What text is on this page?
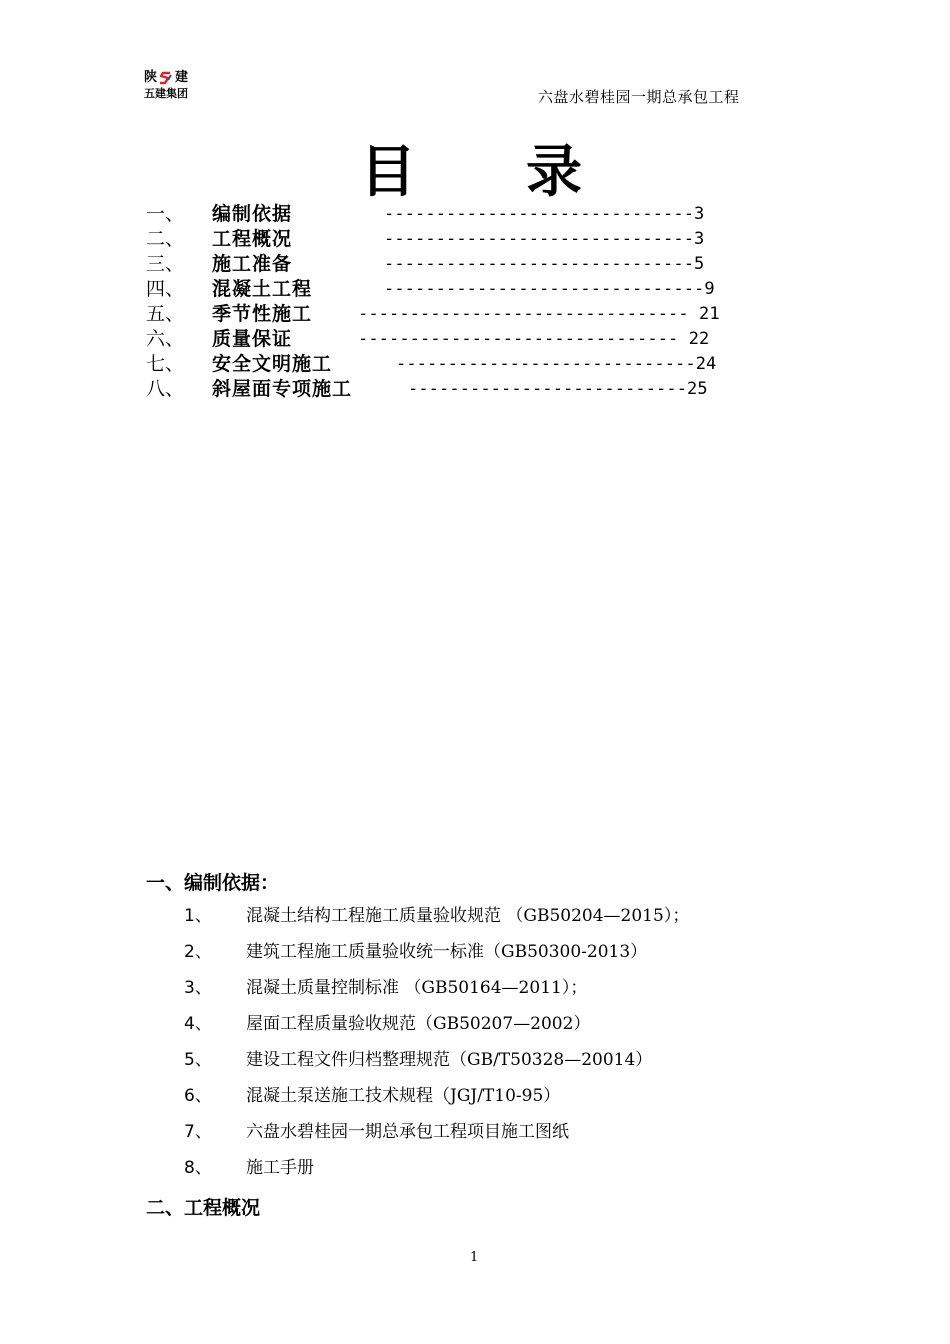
陕 建
五建集团	六盘水碧桂园一期总承包工程
目 录
一、 编制依据	------------------------------3
二、 工程概况	------------------------------3
三、 施工准备	------------------------------5
四、 混凝土工程	-------------------------------9
五、 季节性施工	-------------------------------- 21
六、 质量保证	------------------------------- 22
七、 安全文明施工	-----------------------------24
八、 斜屋面专项施工	---------------------------25
一、编制依据：
1、 混凝土结构工程施工质量验收规范 （GB50204—2015）；
2、 建筑工程施工质量验收统一标准（GB50300-2013）
3、 混凝土质量控制标准 （GB50164—2011）；
4、 屋面工程质量验收规范（GB50207—2002）
5、 建设工程文件归档整理规范（GB/T50328—20014）
6、 混凝土泵送施工技术规程（JGJ/T10-95）
7、 六盘水碧桂园一期总承包工程项目施工图纸
8、 施工手册
二、工程概况
1
